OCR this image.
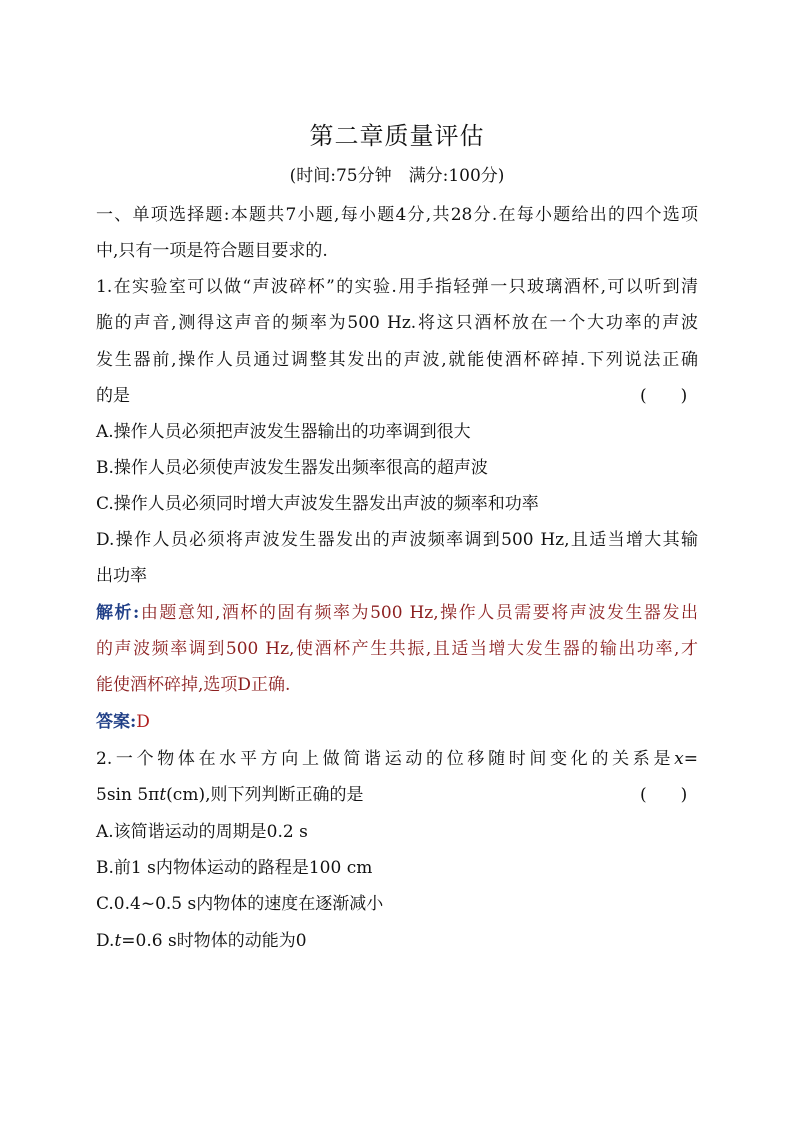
第二章质量评估
(时间:75分钟　满分:100分)
一、单项选择题:本题共7小题,每小题4分,共28分.在每小题给出的四个选项
中,只有一项是符合题目要求的.
1.在实验室可以做“声波碎杯”的实验.用手指轻弹一只玻璃酒杯,可以听到清
脆的声音,测得这声音的频率为500 Hz.将这只酒杯放在一个大功率的声波
发生器前,操作人员通过调整其发出的声波,就能使酒杯碎掉.下列说法正确
的是	(　　)
A.操作人员必须把声波发生器输出的功率调到很大
B.操作人员必须使声波发生器发出频率很高的超声波
C.操作人员必须同时增大声波发生器发出声波的频率和功率
D.操作人员必须将声波发生器发出的声波频率调到500 Hz,且适当增大其输
出功率
解析:由题意知,酒杯的固有频率为500 Hz,操作人员需要将声波发生器发出
的声波频率调到500 Hz,使酒杯产生共振,且适当增大发生器的输出功率,才
能使酒杯碎掉,选项D正确.
答案:D
2.一个物体在水平方向上做简谐运动的位移随时间变化的关系是x=
5sin 5πt(cm),则下列判断正确的是	(　　)
A.该简谐运动的周期是0.2 s
B.前1 s内物体运动的路程是100 cm
C.0.4~0.5 s内物体的速度在逐渐减小
D.t=0.6 s时物体的动能为0
